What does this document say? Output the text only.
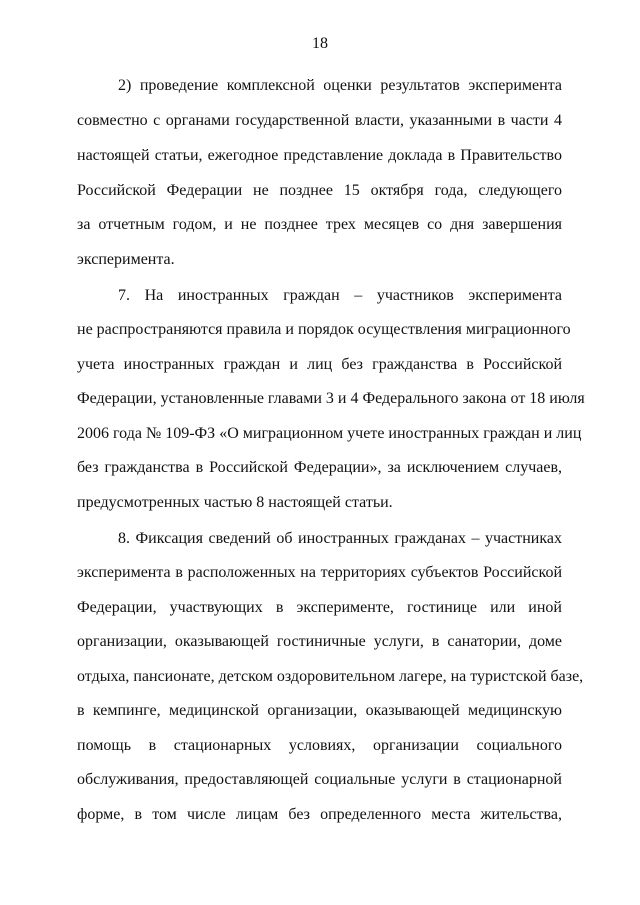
18
2) проведение комплексной оценки результатов эксперимента
совместно с органами государственной власти, указанными в части 4
настоящей статьи, ежегодное представление доклада в Правительство
Российской Федерации не позднее 15 октября года, следующего
за отчетным годом, и не позднее трех месяцев со дня завершения
эксперимента.
7. На иностранных граждан – участников эксперимента
не распространяются правила и порядок осуществления миграционного
учета иностранных граждан и лиц без гражданства в Российской
Федерации, установленные главами 3 и 4 Федерального закона от 18 июля
2006 года № 109-ФЗ «О миграционном учете иностранных граждан и лиц
без гражданства в Российской Федерации», за исключением случаев,
предусмотренных частью 8 настоящей статьи.
8. Фиксация сведений об иностранных гражданах – участниках
эксперимента в расположенных на территориях субъектов Российской
Федерации, участвующих в эксперименте, гостинице или иной
организации, оказывающей гостиничные услуги, в санатории, доме
отдыха, пансионате, детском оздоровительном лагере, на туристской базе,
в кемпинге, медицинской организации, оказывающей медицинскую
помощь в стационарных условиях, организации социального
обслуживания, предоставляющей социальные услуги в стационарной
форме, в том числе лицам без определенного места жительства,
